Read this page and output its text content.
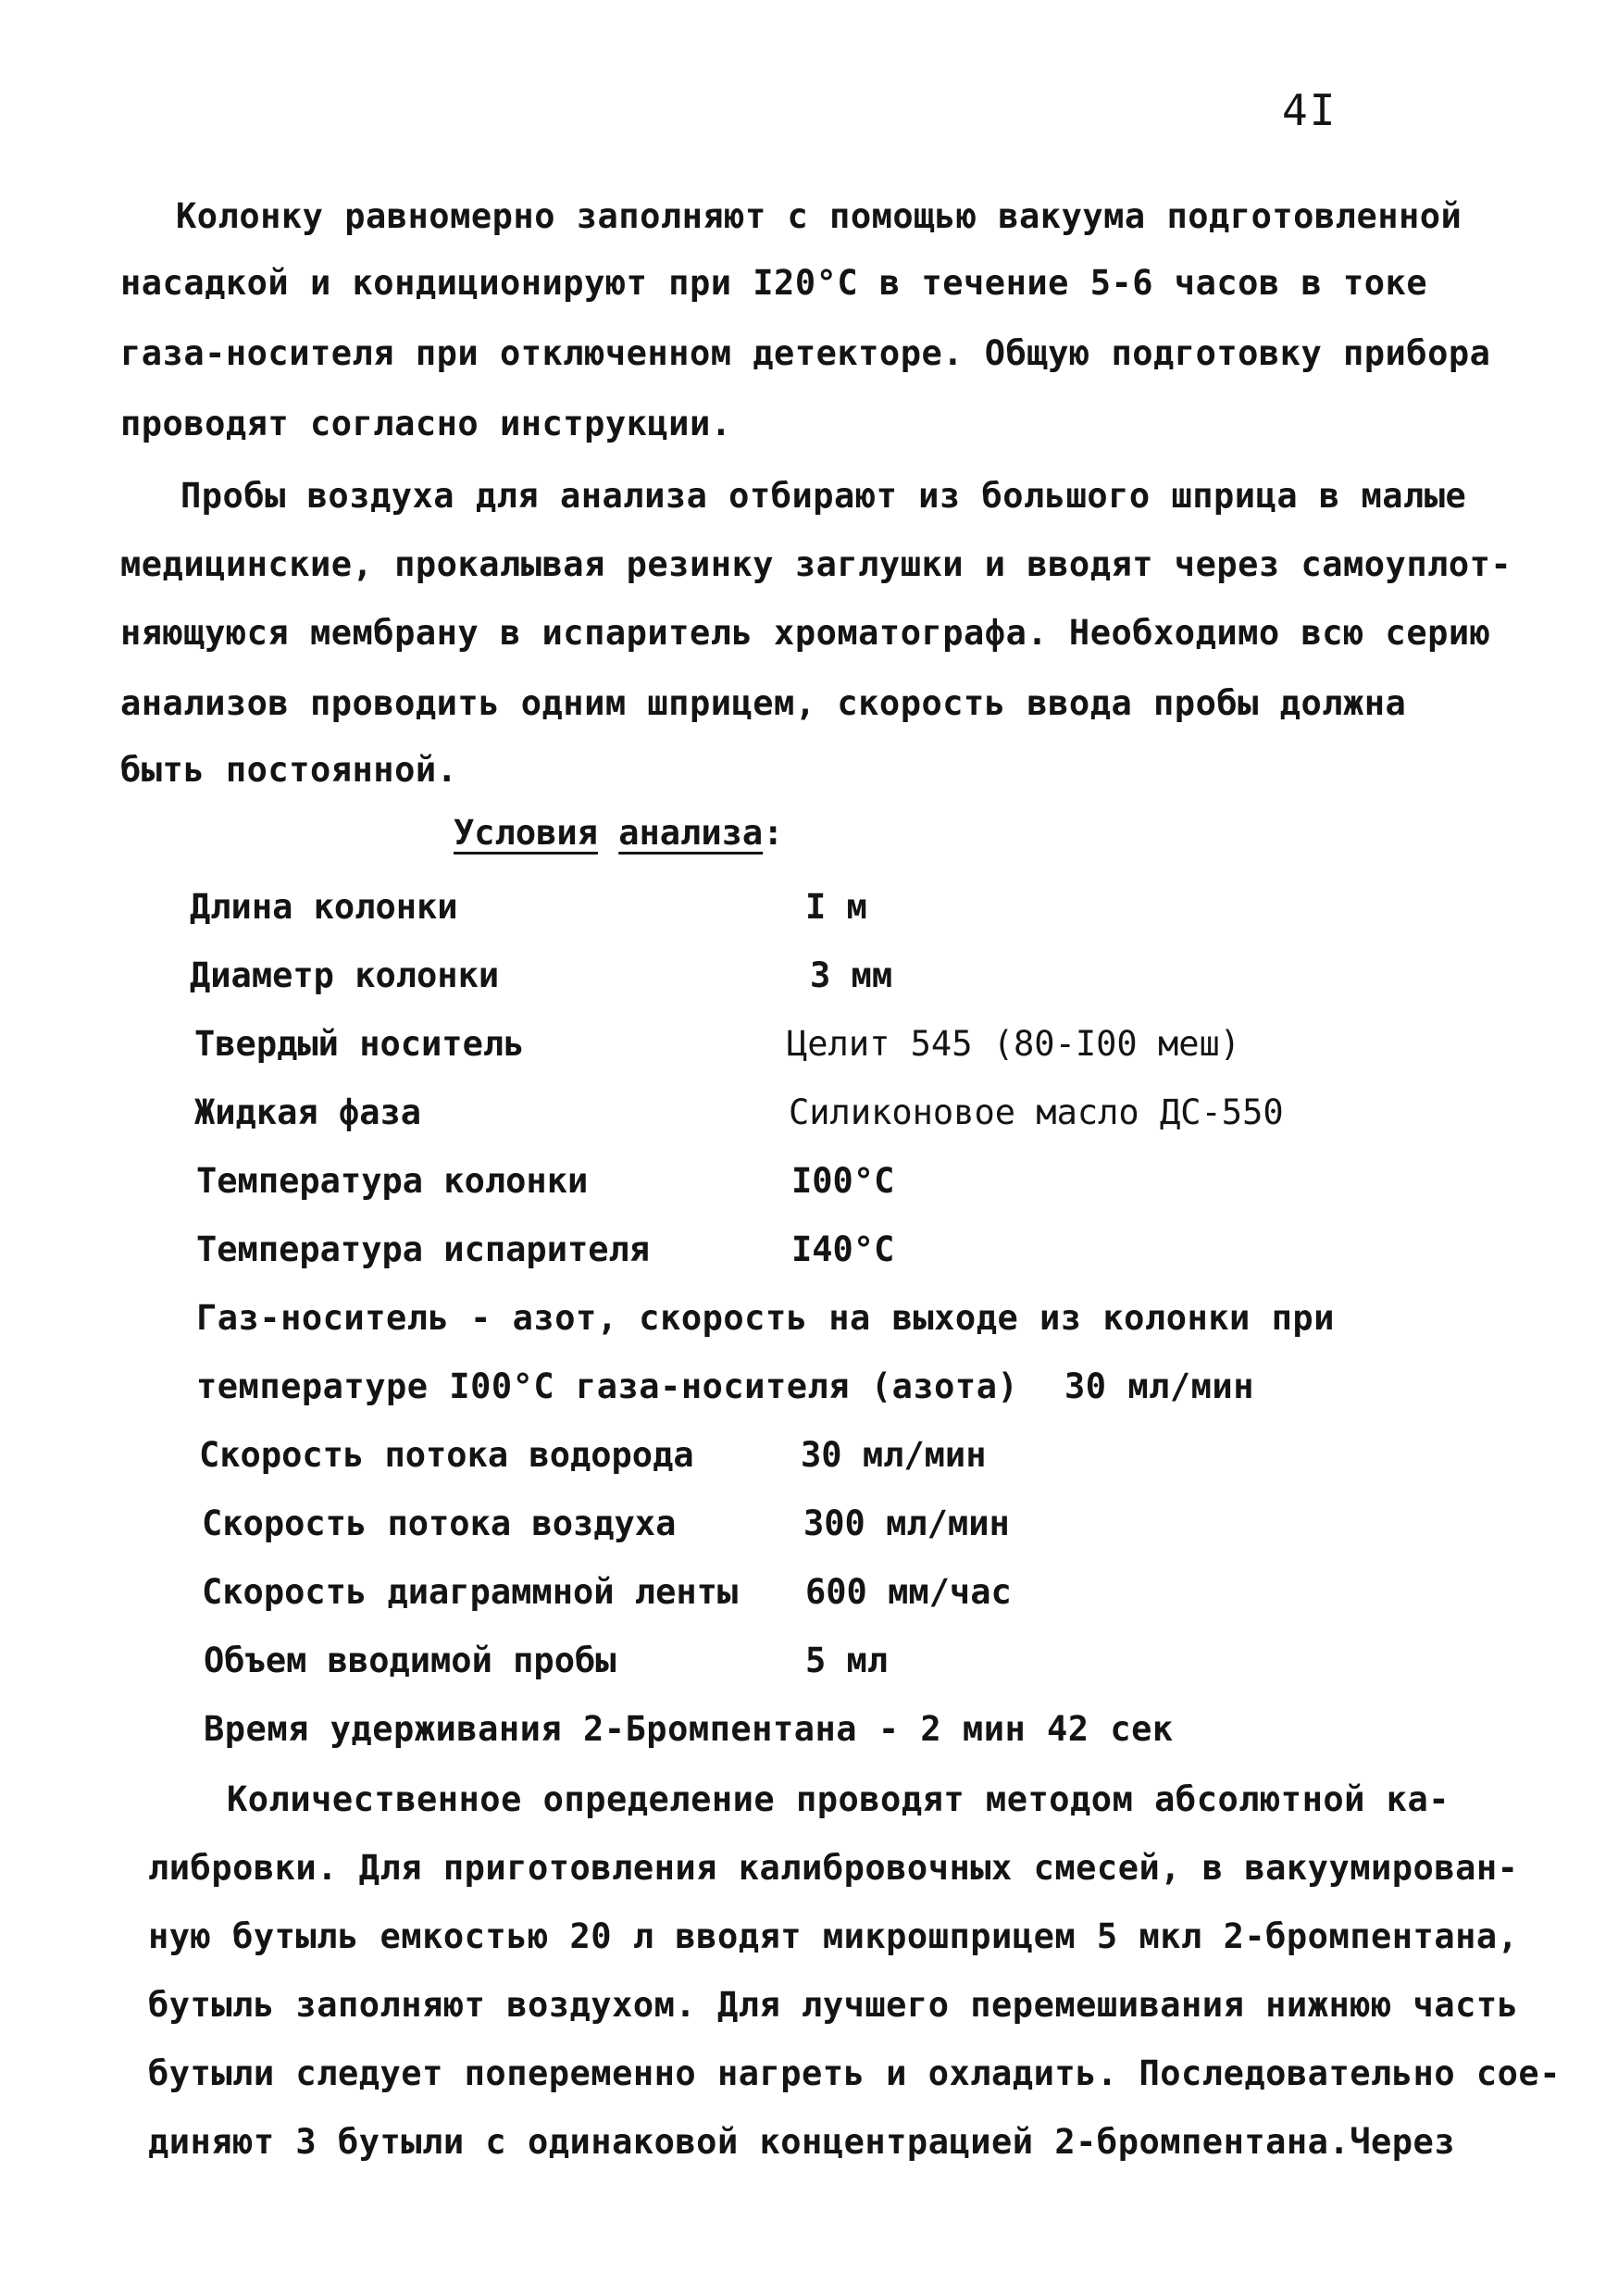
4I
Колонку равномерно заполняют с помощью вакуума подготовленной
насадкой и кондиционируют при I20°C в течение 5-6 часов в токе
газа-носителя при отключенном детекторе. Общую подготовку прибора
проводят согласно инструкции.
Пробы воздуха для анализа отбирают из большого шприца в малые
медицинские, прокалывая резинку заглушки и вводят через самоуплот-
няющуюся мембрану в испаритель хроматографа. Необходимо всю серию
анализов проводить одним шприцем, скорость ввода пробы должна
быть постоянной.
Условия анализа:
Длина колонки	I м
Диаметр колонки	3 мм
Твердый носитель	Целит 545 (80-I00 меш)
Жидкая фаза	Силиконовое масло ДС-550
Температура колонки	I00°C
Температура испарителя	I40°C
Газ-носитель - азот, скорость на выходе из колонки при
температуре I00°C газа-носителя (азота) 30 мл/мин
Скорость потока водорода	30 мл/мин
Скорость потока воздуха	300 мл/мин
Скорость диаграммной ленты 600 мм/час
Объем вводимой пробы	5 мл
Время удерживания 2-Бромпентана - 2 мин 42 сек
Количественное определение проводят методом абсолютной ка-
либровки. Для приготовления калибровочных смесей, в вакуумирован-
ную бутыль емкостью 20 л вводят микрошприцем 5 мкл 2-бромпентана,
бутыль заполняют воздухом. Для лучшего перемешивания нижнюю часть
бутыли следует попеременно нагреть и охладить. Последовательно сое-
диняют 3 бутыли с одинаковой концентрацией 2-бромпентана.Через
